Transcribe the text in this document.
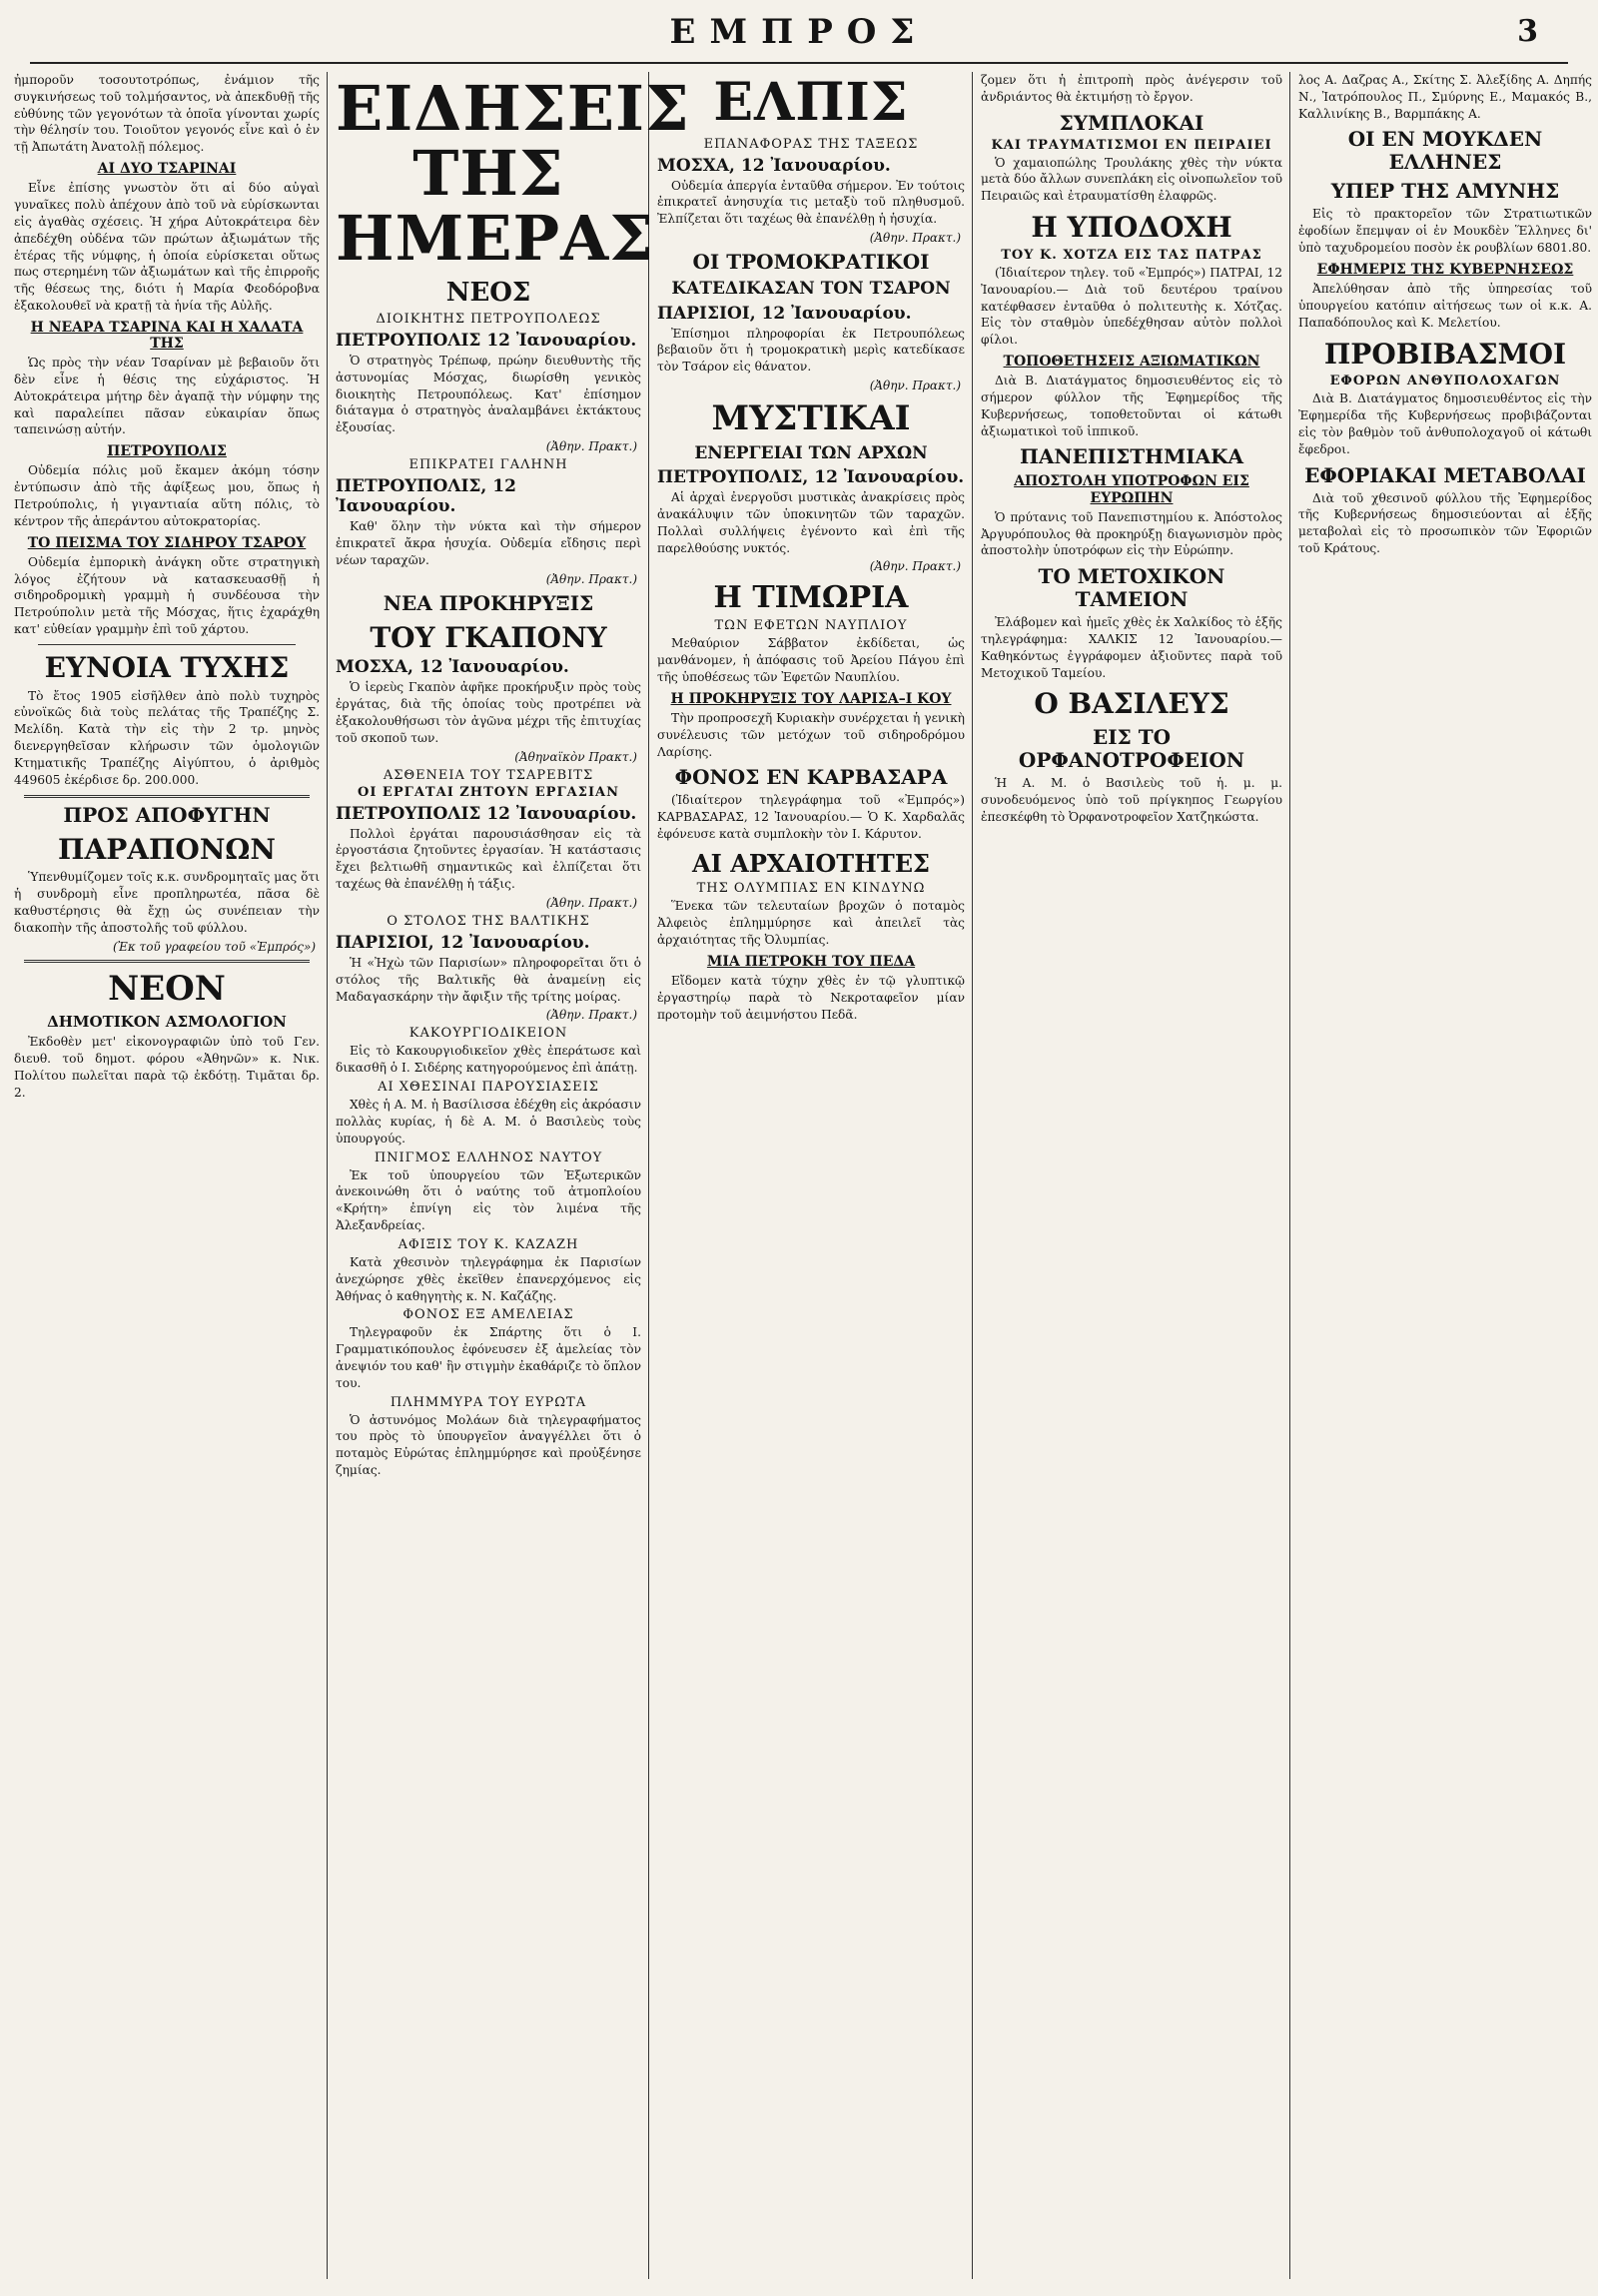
ΕΜΠΡΟΣ	3
ἠμποροῦν τοσουτοτρόπως, ἐνάμιον τῆς συγκινήσεως τοῦ τολμήσαντος, νὰ ἀπεκδυθῇ τῆς εὐθύνης τῶν γεγονότων τὰ ὁποῖα γίνονται χωρίς τὴν θέλησίν του. Τοιοῦτον γεγονός εἶνε καὶ ὁ ἐν τῇ Ἀπωτάτη Ἀνατολῇ πόλεμος.
ΑΙ ΔΥΟ ΤΣΑΡΙΝΑΙ
Εἶνε ἐπίσης γνωστὸν ὅτι αἱ δύο αὐγαὶ γυναῖκες πολὺ ἀπέχουν ἀπὸ τοῦ νὰ εὑρίσκωνται εἰς ἀγαθὰς σχέσεις. Ἡ χήρα Αὐτοκράτειρα δὲν ἀπεδέχθη οὐδένα τῶν πρώτων ἀξιωμάτων τῆς ἑτέρας τῆς νύμφης, ἡ ὁποία εὑρίσκεται οὕτως πως στερημένη τῶν ἀξιωμάτων καὶ τῆς ἐπιρροῆς τῆς θέσεως της, διότι ἡ Μαρία Φεοδόροβνα ἐξακολουθεῖ νὰ κρατῇ τὰ ἡνία τῆς Αὐλῆς.
Η ΝΕΑΡΑ ΤΣΑΡΙΝΑ ΚΑΙ Η ΧΑΛΑΤΑ ΤΗΣ
Ὡς πρὸς τὴν νέαν Τσαρίναν μὲ βεβαιοῦν ὅτι δὲν εἶνε ἡ θέσις της εὐχάριστος. Ἡ Αὐτοκράτειρα μήτηρ δὲν ἀγαπᾷ τὴν νύμφην της καὶ παραλείπει πᾶσαν εὐκαιρίαν ὅπως ταπεινώσῃ αὐτήν.
ΠΕΤΡΟΥΠΟΛΙΣ
Οὐδεμία πόλις μοῦ ἔκαμεν ἀκόμη τόσην ἐντύπωσιν ἀπὸ τῆς ἀφίξεως μου, ὅπως ἡ Πετρούπολις, ἡ γιγαντιαία αὕτη πόλις, τὸ κέντρον τῆς ἀπεράντου αὐτοκρατορίας.
ΤΟ ΠΕΙΣΜΑ ΤΟΥ ΣΙΔΗΡΟΥ ΤΣΑΡΟΥ
Οὐδεμία ἐμπορικὴ ἀνάγκη οὔτε στρατηγικὴ λόγος ἐζήτουν νὰ κατασκευασθῇ ἡ σιδηροδρομικὴ γραμμὴ ἡ συνδέουσα τὴν Πετρούπολιν μετὰ τῆς Μόσχας, ἥτις ἐχαράχθη κατ' εὐθείαν γραμμὴν ἐπὶ τοῦ χάρτου.
ΕΥΝΟΙΑ ΤΥΧΗΣ
Τὸ ἔτος 1905 εἰσῆλθεν ἀπὸ πολὺ τυχηρὸς εὐνοϊκῶς διὰ τοὺς πελάτας τῆς Τραπέζης Σ. Μελίδη. Κατὰ τὴν εἰς τὴν 2 τρ. μηνὸς διενεργηθεῖσαν κλήρωσιν τῶν ὁμολογιῶν Κτηματικῆς Τραπέζης Αἰγύπτου, ὁ ἀριθμὸς 449605 ἐκέρδισε δρ. 200.000.
ΠΡΟΣ ΑΠΟΦΥΓΗΝ
ΠΑΡΑΠΟΝΩΝ
Ὑπενθυμίζομεν τοῖς κ.κ. συνδρομηταῖς μας ὅτι ἡ συνδρομὴ εἶνε προπληρωτέα, πᾶσα δὲ καθυστέρησις θὰ ἔχῃ ὡς συνέπειαν τὴν διακοπὴν τῆς ἀποστολῆς τοῦ φύλλου.
(Ἐκ τοῦ γραφείου τοῦ «Ἐμπρός»)
ΝΕΟΝ
ΔΗΜΟΤΙΚΟΝ ΑΣΜΟΛΟΓΙΟΝ
Ἐκδοθὲν μετ' εἰκονογραφιῶν ὑπὸ τοῦ Γεν. διευθ. τοῦ δημοτ. φόρου «Ἀθηνῶν» κ. Νικ. Πολίτου πωλεῖται παρὰ τῷ ἐκδότῃ. Τιμᾶται δρ. 2.
ΕΙΔΗΣΕΙΣ ΤΗΣ ΗΜΕΡΑΣ
ΝΕΟΣ
ΔΙΟΙΚΗΤΗΣ ΠΕΤΡΟΥΠΟΛΕΩΣ
ΠΕΤΡΟΥΠΟΛΙΣ 12 Ἰανουαρίου.
Ὁ στρατηγὸς Τρέπωφ, πρώην διευθυντὴς τῆς ἀστυνομίας Μόσχας, διωρίσθη γενικὸς διοικητὴς Πετρουπόλεως. Κατ' ἐπίσημον διάταγμα ὁ στρατηγὸς ἀναλαμβάνει ἐκτάκτους ἐξουσίας.
(Ἀθην. Πρακτ.)
ΕΠΙΚΡΑΤΕΙ ΓΑΛΗΝΗ
ΠΕΤΡΟΥΠΟΛΙΣ, 12 Ἰανουαρίου.
Καθ' ὅλην τὴν νύκτα καὶ τὴν σήμερον ἐπικρατεῖ ἄκρα ἡσυχία. Οὐδεμία εἴδησις περὶ νέων ταραχῶν.
(Ἀθην. Πρακτ.)
ΝΕΑ ΠΡΟΚΗΡΥΞΙΣ
ΤΟΥ ΓΚΑΠΟΝΥ
ΜΟΣΧΑ, 12 Ἰανουαρίου.
Ὁ ἱερεὺς Γκαπὸν ἀφῆκε προκήρυξιν πρὸς τοὺς ἐργάτας, διὰ τῆς ὁποίας τοὺς προτρέπει νὰ ἐξακολουθήσωσι τὸν ἀγῶνα μέχρι τῆς ἐπιτυχίας τοῦ σκοποῦ των.
(Ἀθηναϊκὸν Πρακτ.)
ΑΣΘΕΝΕΙΑ ΤΟΥ ΤΣΑΡΕΒΙΤΣ
ΟΙ ΕΡΓΑΤΑΙ ΖΗΤΟΥΝ ΕΡΓΑΣΙΑΝ
ΠΕΤΡΟΥΠΟΛΙΣ 12 Ἰανουαρίου.
Πολλοὶ ἐργάται παρουσιάσθησαν εἰς τὰ ἐργοστάσια ζητοῦντες ἐργασίαν. Ἡ κατάστασις ἔχει βελτιωθῆ σημαντικῶς καὶ ἐλπίζεται ὅτι ταχέως θὰ ἐπανέλθῃ ἡ τάξις.
(Ἀθην. Πρακτ.)
Ο ΣΤΟΛΟΣ ΤΗΣ ΒΑΛΤΙΚΗΣ
ΠΑΡΙΣΙΟΙ, 12 Ἰανουαρίου.
Ἡ «Ἠχὼ τῶν Παρισίων» πληροφορεῖται ὅτι ὁ στόλος τῆς Βαλτικῆς θὰ ἀναμείνῃ εἰς Μαδαγασκάρην τὴν ἄφιξιν τῆς τρίτης μοίρας.
(Ἀθην. Πρακτ.)
ΚΑΚΟΥΡΓΙΟΔΙΚΕΙΟΝ
Εἰς τὸ Κακουργιοδικεῖον χθὲς ἐπεράτωσε καὶ δικασθῆ ὁ Ι. Σιδέρης κατηγορούμενος ἐπὶ ἀπάτῃ.
ΑΙ ΧΘΕΣΙΝΑΙ ΠΑΡΟΥΣΙΑΣΕΙΣ
Χθὲς ἡ Α. Μ. ἡ Βασίλισσα ἐδέχθη εἰς ἀκρόασιν πολλὰς κυρίας, ἡ δὲ Α. Μ. ὁ Βασιλεὺς τοὺς ὑπουργούς.
ΠΝΙΓΜΟΣ ΕΛΛΗΝΟΣ ΝΑΥΤΟΥ
Ἐκ τοῦ ὑπουργείου τῶν Ἐξωτερικῶν ἀνεκοινώθη ὅτι ὁ ναύτης τοῦ ἀτμοπλοίου «Κρήτη» ἐπνίγη εἰς τὸν λιμένα τῆς Ἀλεξανδρείας.
ΑΦΙΞΙΣ ΤΟΥ Κ. ΚΑΖΑΖΗ
Κατὰ χθεσινὸν τηλεγράφημα ἐκ Παρισίων ἀνεχώρησε χθὲς ἐκεῖθεν ἐπανερχόμενος εἰς Ἀθήνας ὁ καθηγητὴς κ. Ν. Καζάζης.
ΦΟΝΟΣ ΕΞ ΑΜΕΛΕΙΑΣ
Τηλεγραφοῦν ἐκ Σπάρτης ὅτι ὁ Ι. Γραμματικόπουλος ἐφόνευσεν ἐξ ἀμελείας τὸν ἀνεψιόν του καθ' ἣν στιγμὴν ἐκαθάριζε τὸ ὅπλον του.
ΠΛΗΜΜΥΡΑ ΤΟΥ ΕΥΡΩΤΑ
Ὁ ἀστυνόμος Μολάων διὰ τηλεγραφήματος του πρὸς τὸ ὑπουργεῖον ἀναγγέλλει ὅτι ὁ ποταμὸς Εὐρώτας ἐπλημμύρησε καὶ προὐξένησε ζημίας.
ΕΛΠΙΣ
ΕΠΑΝΑΦΟΡΑΣ ΤΗΣ ΤΑΞΕΩΣ
ΜΟΣΧΑ, 12 Ἰανουαρίου.
Οὐδεμία ἀπεργία ἐνταῦθα σήμερον. Ἐν τούτοις ἐπικρατεῖ ἀνησυχία τις μεταξὺ τοῦ πληθυσμοῦ. Ἐλπίζεται ὅτι ταχέως θὰ ἐπανέλθῃ ἡ ἡσυχία.
(Ἀθην. Πρακτ.)
ΟΙ ΤΡΟΜΟΚΡΑΤΙΚΟΙ
ΚΑΤΕΔΙΚΑΣΑΝ ΤΟΝ ΤΣΑΡΟΝ
ΠΑΡΙΣΙΟΙ, 12 Ἰανουαρίου.
Ἐπίσημοι πληροφορίαι ἐκ Πετρουπόλεως βεβαιοῦν ὅτι ἡ τρομοκρατικὴ μερὶς κατεδίκασε τὸν Τσάρον εἰς θάνατον.
(Ἀθην. Πρακτ.)
ΜΥΣΤΙΚΑΙ
ΕΝΕΡΓΕΙΑΙ ΤΩΝ ΑΡΧΩΝ
ΠΕΤΡΟΥΠΟΛΙΣ, 12 Ἰανουαρίου.
Αἱ ἀρχαὶ ἐνεργοῦσι μυστικὰς ἀνακρίσεις πρὸς ἀνακάλυψιν τῶν ὑποκινητῶν τῶν ταραχῶν. Πολλαὶ συλλήψεις ἐγένοντο καὶ ἐπὶ τῆς παρελθούσης νυκτός.
(Ἀθην. Πρακτ.)
Η ΤΙΜΩΡΙΑ
ΤΩΝ ΕΦΕΤΩΝ ΝΑΥΠΛΙΟΥ
Μεθαύριον Σάββατον ἐκδίδεται, ὡς μανθάνομεν, ἡ ἀπόφασις τοῦ Ἀρείου Πάγου ἐπὶ τῆς ὑποθέσεως τῶν Ἐφετῶν Ναυπλίου.
Η ΠΡΟΚΗΡΥΞΙΣ ΤΟΥ ΛΑΡΙΣΑ–Ι ΚΟΥ
Τὴν προπροσεχῆ Κυριακὴν συνέρχεται ἡ γενικὴ συνέλευσις τῶν μετόχων τοῦ σιδηροδρόμου Λαρίσης.
ΦΟΝΟΣ ΕΝ ΚΑΡΒΑΣΑΡΑ
(Ἰδιαίτερον τηλεγράφημα τοῦ «Ἐμπρός») ΚΑΡΒΑΣΑΡΑΣ, 12 Ἰανουαρίου.— Ὁ Κ. Χαρδαλᾶς ἐφόνευσε κατὰ συμπλοκὴν τὸν Ι. Κάρυτον.
ΑΙ ΑΡΧΑΙΟΤΗΤΕΣ
ΤΗΣ ΟΛΥΜΠΙΑΣ ΕΝ ΚΙΝΔΥΝΩ
Ἕνεκα τῶν τελευταίων βροχῶν ὁ ποταμὸς Ἀλφειὸς ἐπλημμύρησε καὶ ἀπειλεῖ τὰς ἀρχαιότητας τῆς Ὀλυμπίας.
ΜΙΑ ΠΕΤΡΟΚΗ ΤΟΥ ΠΕΔΑ
Εἴδομεν κατὰ τύχην χθὲς ἐν τῷ γλυπτικῷ ἐργαστηρίῳ παρὰ τὸ Νεκροταφεῖον μίαν προτομὴν τοῦ ἀειμνήστου Πεδᾶ.
ζομεν ὅτι ἡ ἐπιτροπὴ πρὸς ἀνέγερσιν τοῦ ἀνδριάντος θὰ ἐκτιμήσῃ τὸ ἔργον.
ΣΥΜΠΛΟΚΑΙ
ΚΑΙ ΤΡΑΥΜΑΤΙΣΜΟΙ ΕΝ ΠΕΙΡΑΙΕΙ
Ὁ χαμαιοπώλης Τρουλάκης χθὲς τὴν νύκτα μετὰ δύο ἄλλων συνεπλάκη εἰς οἰνοπωλεῖον τοῦ Πειραιῶς καὶ ἐτραυματίσθη ἐλαφρῶς.
Η ΥΠΟΔΟΧΗ
ΤΟΥ Κ. ΧΟΤΖΑ ΕΙΣ ΤΑΣ ΠΑΤΡΑΣ
(Ἰδιαίτερον τηλεγ. τοῦ «Ἐμπρός») ΠΑΤΡΑΙ, 12 Ἰανουαρίου.— Διὰ τοῦ δευτέρου τραίνου κατέφθασεν ἐνταῦθα ὁ πολιτευτὴς κ. Χότζας. Εἰς τὸν σταθμὸν ὑπεδέχθησαν αὐτὸν πολλοὶ φίλοι.
ΤΟΠΟΘΕΤΗΣΕΙΣ ΑΞΙΩΜΑΤΙΚΩΝ
Διὰ Β. Διατάγματος δημοσιευθέντος εἰς τὸ σήμερον φύλλον τῆς Ἐφημερίδος τῆς Κυβερνήσεως, τοποθετοῦνται οἱ κάτωθι ἀξιωματικοὶ τοῦ ἱππικοῦ.
ΠΑΝΕΠΙΣΤΗΜΙΑΚΑ
ΑΠΟΣΤΟΛΗ ΥΠΟΤΡΟΦΩΝ ΕΙΣ ΕΥΡΩΠΗΝ
Ὁ πρύτανις τοῦ Πανεπιστημίου κ. Ἀπόστολος Ἀργυρόπουλος θὰ προκηρύξῃ διαγωνισμὸν πρὸς ἀποστολὴν ὑποτρόφων εἰς τὴν Εὐρώπην.
ΤΟ ΜΕΤΟΧΙΚΟΝ ΤΑΜΕΙΟΝ
Ἐλάβομεν καὶ ἡμεῖς χθὲς ἐκ Χαλκίδος τὸ ἑξῆς τηλεγράφημα: ΧΑΛΚΙΣ 12 Ἰανουαρίου.— Καθηκόντως ἐγγράφομεν ἀξιοῦντες παρὰ τοῦ Μετοχικοῦ Ταμείου.
Ο ΒΑΣΙΛΕΥΣ
ΕΙΣ ΤΟ ΟΡΦΑΝΟΤΡΟΦΕΙΟΝ
Ἡ Α. Μ. ὁ Βασιλεὺς τοῦ ἡ. μ. μ. συνοδευόμενος ὑπὸ τοῦ πρίγκηπος Γεωργίου ἐπεσκέφθη τὸ Ὀρφανοτροφεῖον Χατζηκώστα.
λος Α. Δαζρας Α., Σκίτης Σ. Ἀλεξίδης Α. Δηπής Ν., Ἰατρόπουλος Π., Σμύρνης Ε., Μαμακός Β., Καλλινίκης Β., Βαρμπάκης Α.
ΟΙ ΕΝ ΜΟΥΚΔΕΝ ΕΛΛΗΝΕΣ
ΥΠΕΡ ΤΗΣ ΑΜΥΝΗΣ
Εἰς τὸ πρακτορεῖον τῶν Στρατιωτικῶν ἐφοδίων ἔπεμψαν οἱ ἐν Μουκδὲν Ἕλληνες δι' ὑπὸ ταχυδρομείου ποσὸν ἐκ ρουβλίων 6801.80.
ΕΦΗΜΕΡΙΣ ΤΗΣ ΚΥΒΕΡΝΗΣΕΩΣ
Ἀπελύθησαν ἀπὸ τῆς ὑπηρεσίας τοῦ ὑπουργείου κατόπιν αἰτήσεως των οἱ κ.κ. Α. Παπαδόπουλος καὶ Κ. Μελετίου.
ΠΡΟΒΙΒΑΣΜΟΙ
ΕΦΟΡΩΝ ΑΝΘΥΠΟΛΟΧΑΓΩΝ
Διὰ Β. Διατάγματος δημοσιευθέντος εἰς τὴν Ἐφημερίδα τῆς Κυβερνήσεως προβιβάζονται εἰς τὸν βαθμὸν τοῦ ἀνθυπολοχαγοῦ οἱ κάτωθι ἔφεδροι.
ΕΦΟΡΙΑΚΑΙ ΜΕΤΑΒΟΛΑΙ
Διὰ τοῦ χθεσινοῦ φύλλου τῆς Ἐφημερίδος τῆς Κυβερνήσεως δημοσιεύονται αἱ ἑξῆς μεταβολαὶ εἰς τὸ προσωπικὸν τῶν Ἐφοριῶν τοῦ Κράτους.
